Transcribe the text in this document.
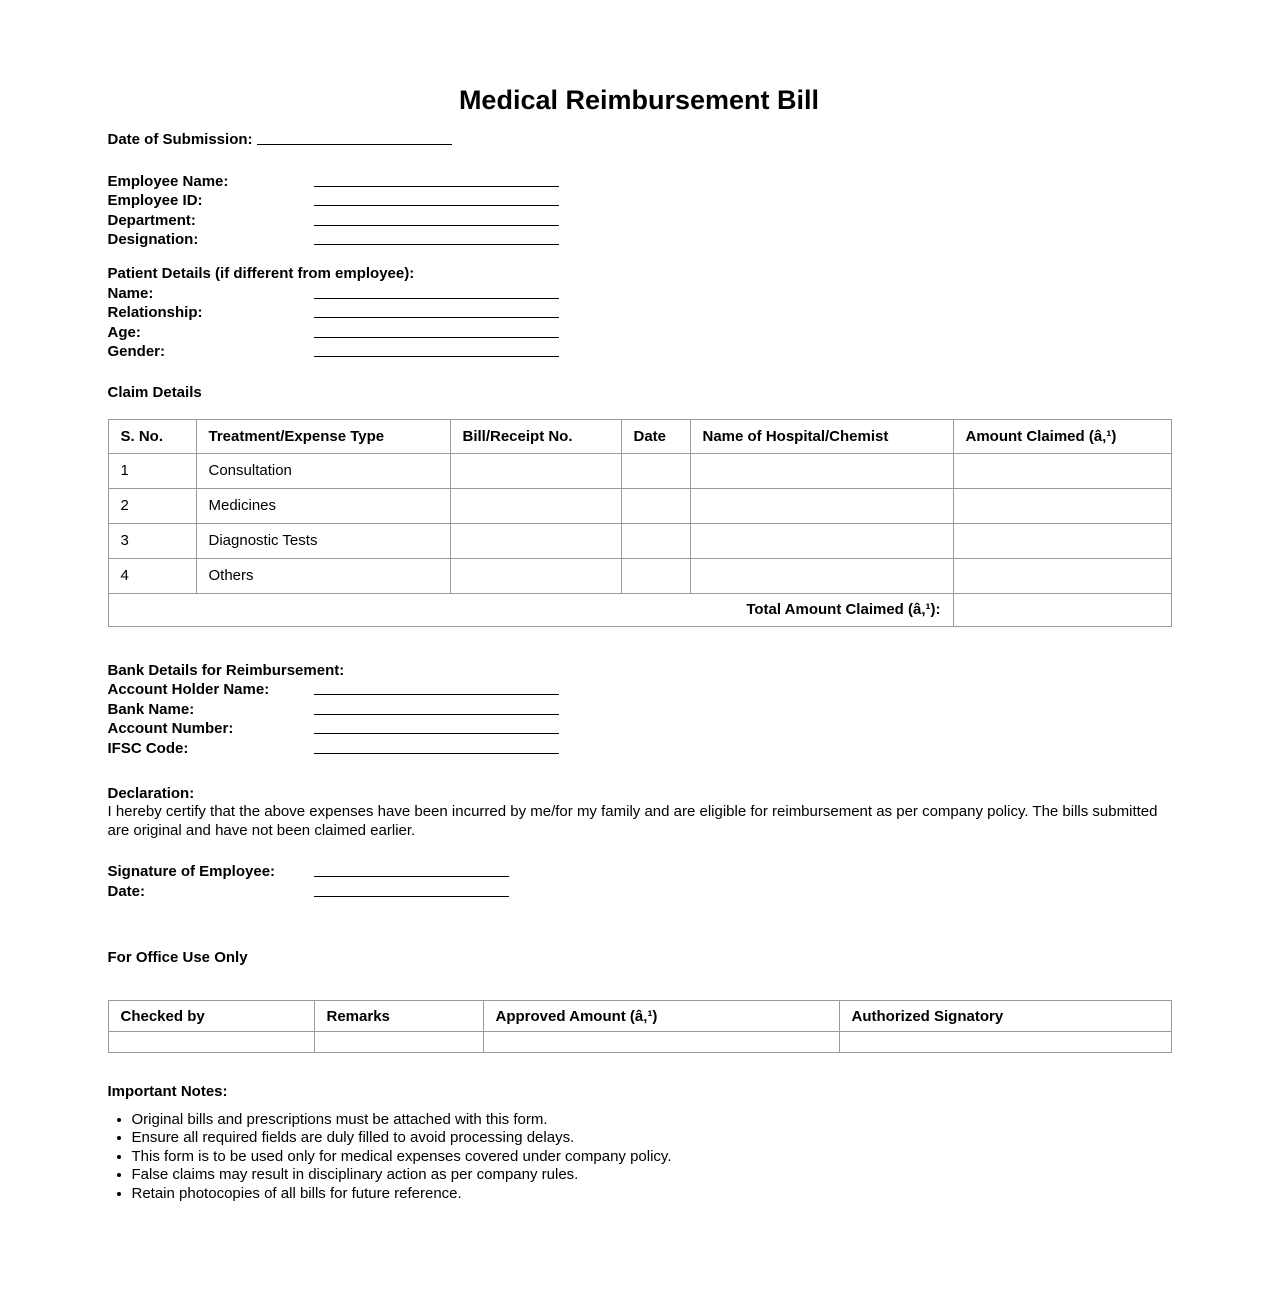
Medical Reimbursement Bill
Date of Submission:
Employee Name:
Employee ID:
Department:
Designation:
Patient Details (if different from employee):
Name:
Relationship:
Age:
Gender:
Claim Details
S. No.	Treatment/Expense Type	Bill/Receipt No.	Date	Name of Hospital/Chemist	Amount Claimed (â‚¹)
1	Consultation				
2	Medicines				
3	Diagnostic Tests				
4	Others				
Total Amount Claimed (â‚¹):					
Bank Details for Reimbursement:
Account Holder Name:
Bank Name:
Account Number:
IFSC Code:
Declaration:
I hereby certify that the above expenses have been incurred by me/for my family and are eligible for reimbursement as per company policy. The bills submitted are original and have not been claimed earlier.
Signature of Employee:
Date:
For Office Use Only
Checked by	Remarks	Approved Amount (â‚¹)	Authorized Signatory

Important Notes:
• Original bills and prescriptions must be attached with this form.
• Ensure all required fields are duly filled to avoid processing delays.
• This form is to be used only for medical expenses covered under company policy.
• False claims may result in disciplinary action as per company rules.
• Retain photocopies of all bills for future reference.
